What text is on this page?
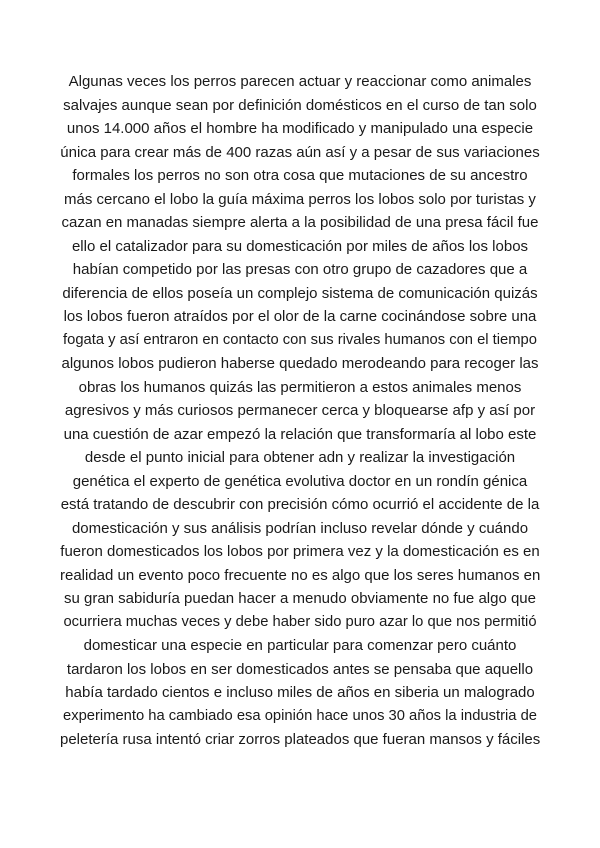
Algunas veces los perros parecen actuar y reaccionar como animales
salvajes aunque sean por definición domésticos en el curso de tan solo
unos 14.000 años el hombre ha modificado y manipulado una especie
única para crear más de 400 razas aún así y a pesar de sus variaciones
formales los perros no son otra cosa que mutaciones de su ancestro
más cercano el lobo la guía máxima perros los lobos solo por turistas y
cazan en manadas siempre alerta a la posibilidad de una presa fácil fue
ello el catalizador para su domesticación por miles de años los lobos
habían competido por las presas con otro grupo de cazadores que a
diferencia de ellos poseía un complejo sistema de comunicación quizás
los lobos fueron atraídos por el olor de la carne cocinándose sobre una
fogata y así entraron en contacto con sus rivales humanos con el tiempo
algunos lobos pudieron haberse quedado merodeando para recoger las
obras los humanos quizás las permitieron a estos animales menos
agresivos y más curiosos permanecer cerca y bloquearse afp y así por
una cuestión de azar empezó la relación que transformaría al lobo este
desde el punto inicial para obtener adn y realizar la investigación
genética el experto de genética evolutiva doctor en un rondín génica
está tratando de descubrir con precisión cómo ocurrió el accidente de la
domesticación y sus análisis podrían incluso revelar dónde y cuándo
fueron domesticados los lobos por primera vez y la domesticación es en
realidad un evento poco frecuente no es algo que los seres humanos en
su gran sabiduría puedan hacer a menudo obviamente no fue algo que
ocurriera muchas veces y debe haber sido puro azar lo que nos permitió
domesticar una especie en particular para comenzar pero cuánto
tardaron los lobos en ser domesticados antes se pensaba que aquello
había tardado cientos e incluso miles de años en siberia un malogrado
experimento ha cambiado esa opinión hace unos 30 años la industria de
peletería rusa intentó criar zorros plateados que fueran mansos y fáciles
